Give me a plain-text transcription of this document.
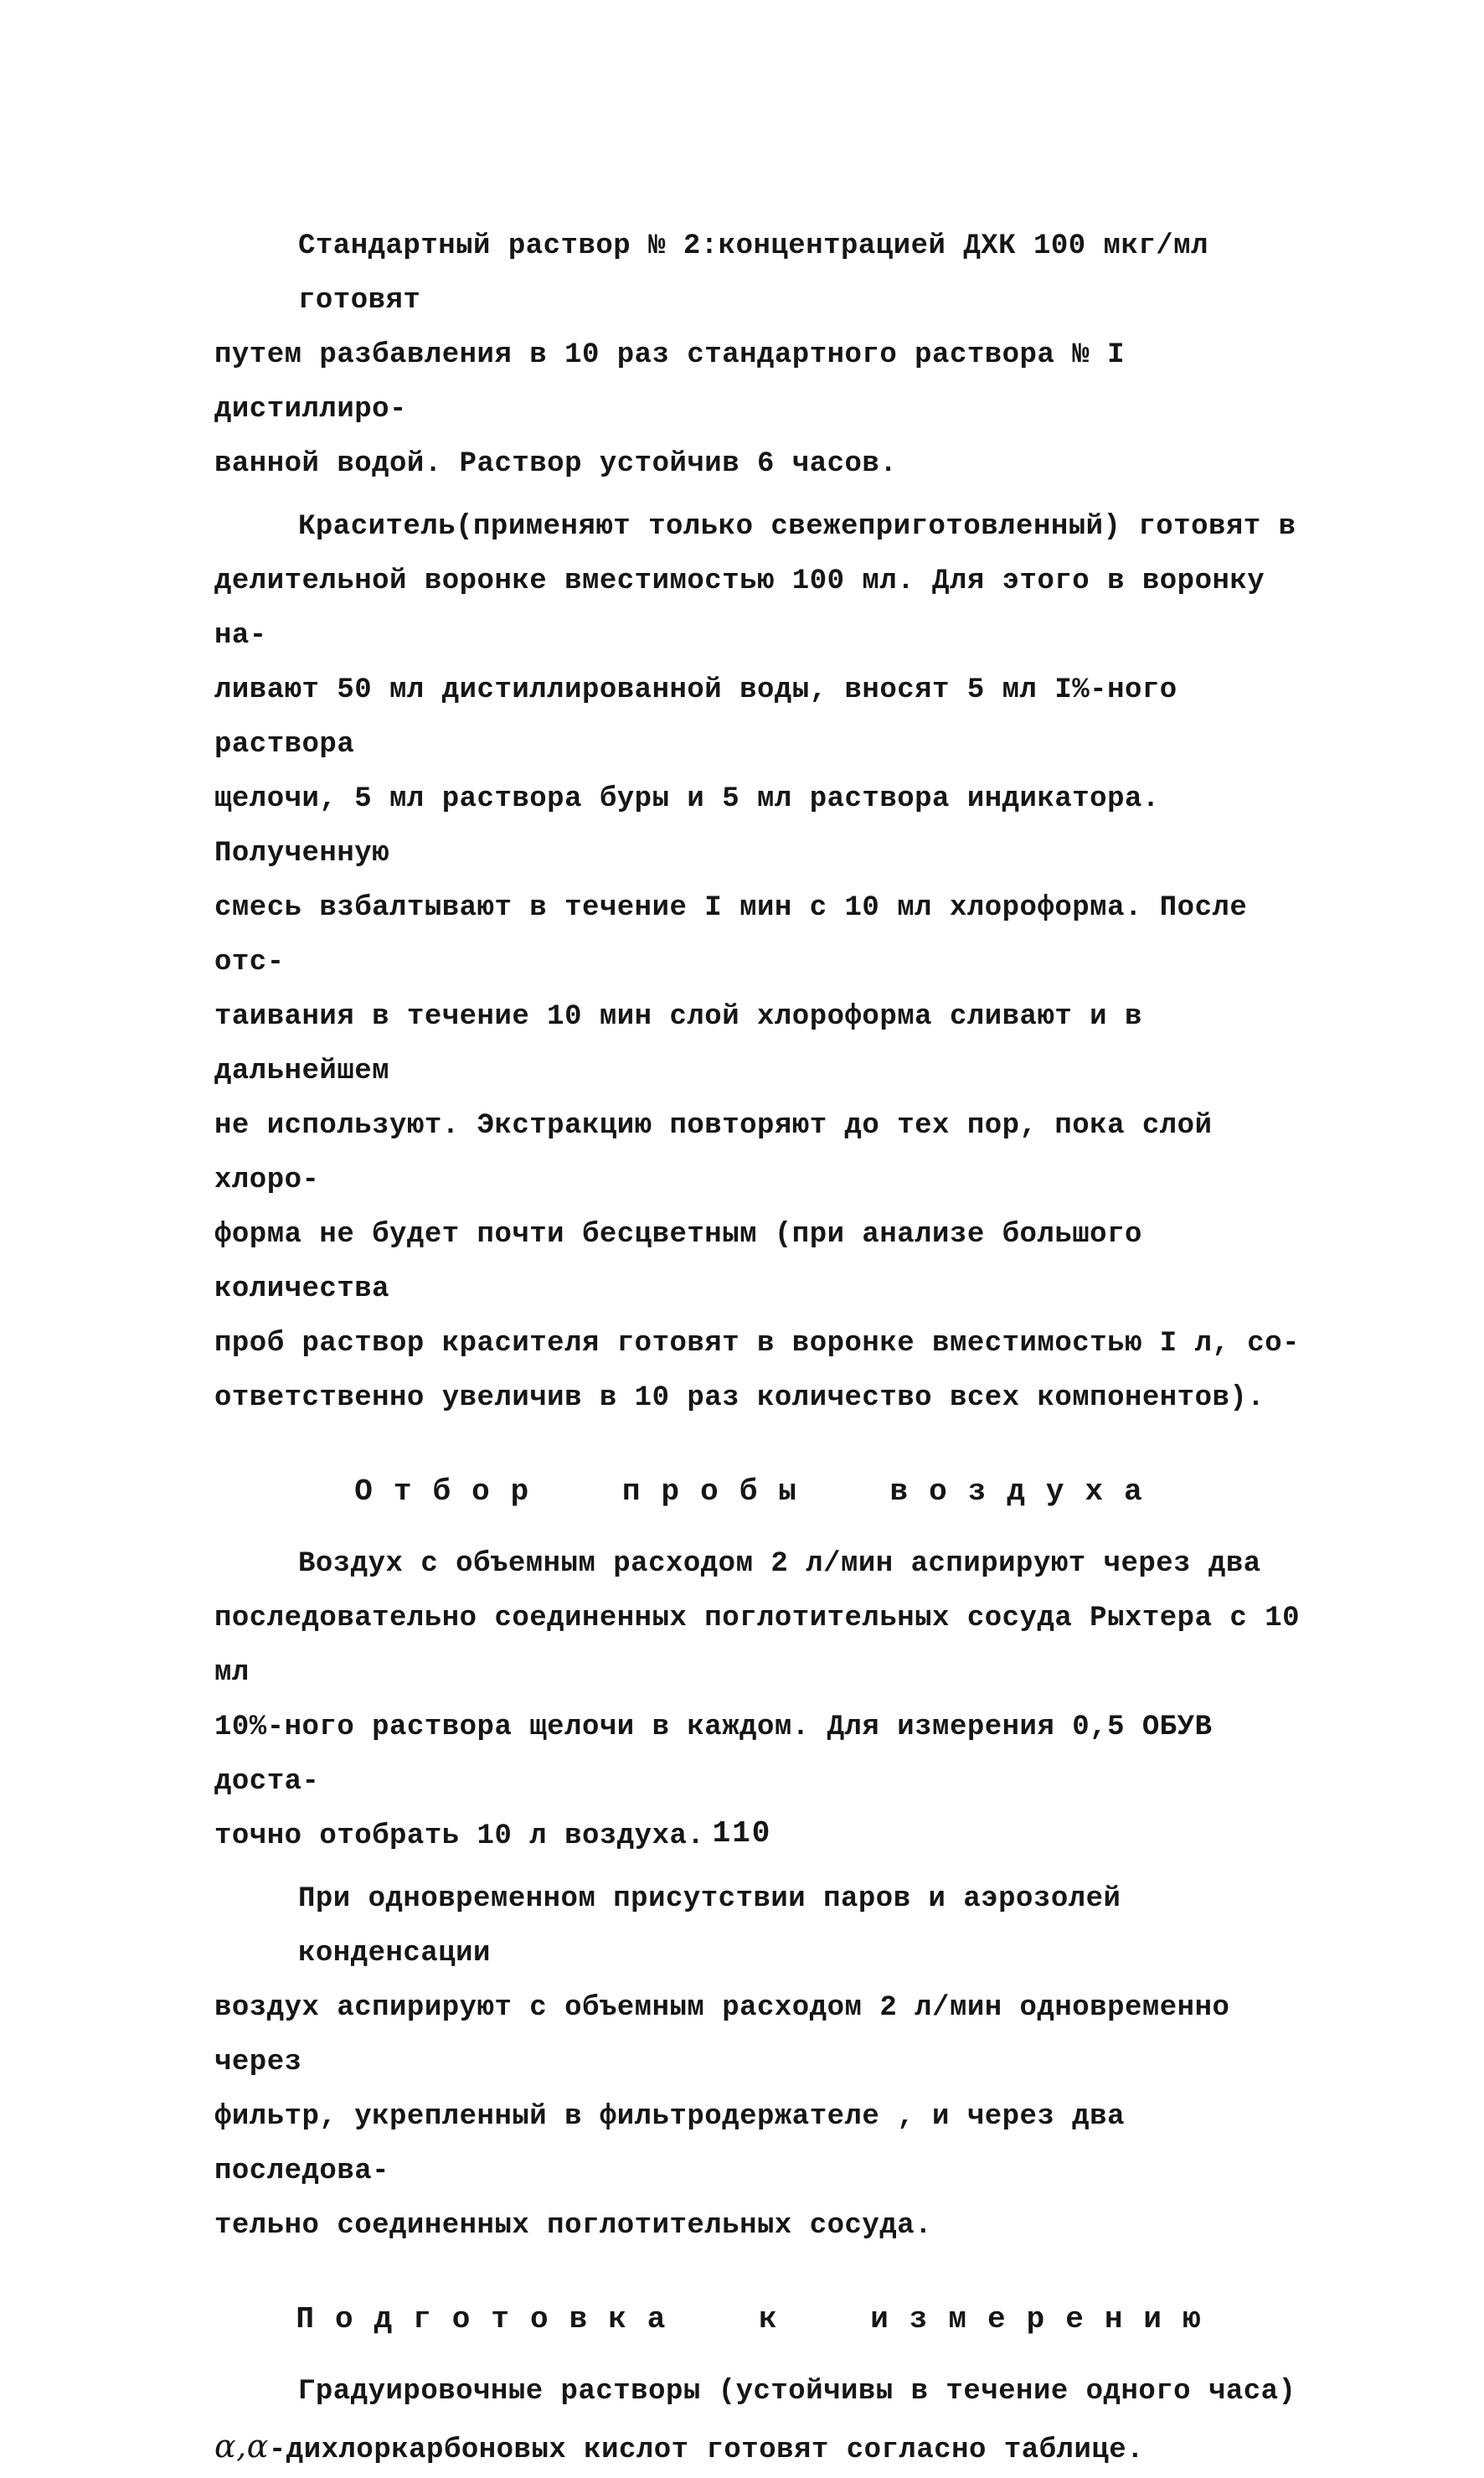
Стандартный раствор № 2:концентрацией ДХК 100 мкг/мл готовят
путем разбавления в 10 раз стандартного раствора № I дистиллиро-
ванной водой. Раствор устойчив 6 часов.

Краситель(применяют только свежеприготовленный) готовят в
делительной воронке вместимостью 100 мл. Для этого в воронку на-
ливают 50 мл дистиллированной воды, вносят 5 мл I%-ного раствора
щелочи, 5 мл раствора буры и 5 мл раствора индикатора. Полученную
смесь взбалтывают в течение I мин с 10 мл хлороформа. После отс-
таивания в течение 10 мин слой хлороформа сливают и в дальнейшем
не используют. Экстракцию повторяют до тех пор, пока слой хлоро-
форма не будет почти бесцветным (при анализе большого количества
проб раствор красителя готовят в воронке вместимостью I л, со-
ответственно увеличив в 10 раз количество всех компонентов).

Отбор пробы воздуха

Воздух с объемным расходом 2 л/мин аспирируют через два
последовательно соединенных поглотительных сосуда Рыхтера с 10 мл
10%-ного раствора щелочи в каждом. Для измерения 0,5 ОБУВ доста-
точно отобрать 10 л воздуха.

При одновременном присутствии паров и аэрозолей конденсации
воздух аспирируют с объемным расходом 2 л/мин одновременно через
фильтр, укрепленный в фильтродержателе , и через два последова-
тельно соединенных поглотительных сосуда.

Подготовка к измерению

Градуировочные растворы (устойчивы в течение одного часа)
α,α-дихлоркарбоновых кислот готовят согласно таблице.

110
